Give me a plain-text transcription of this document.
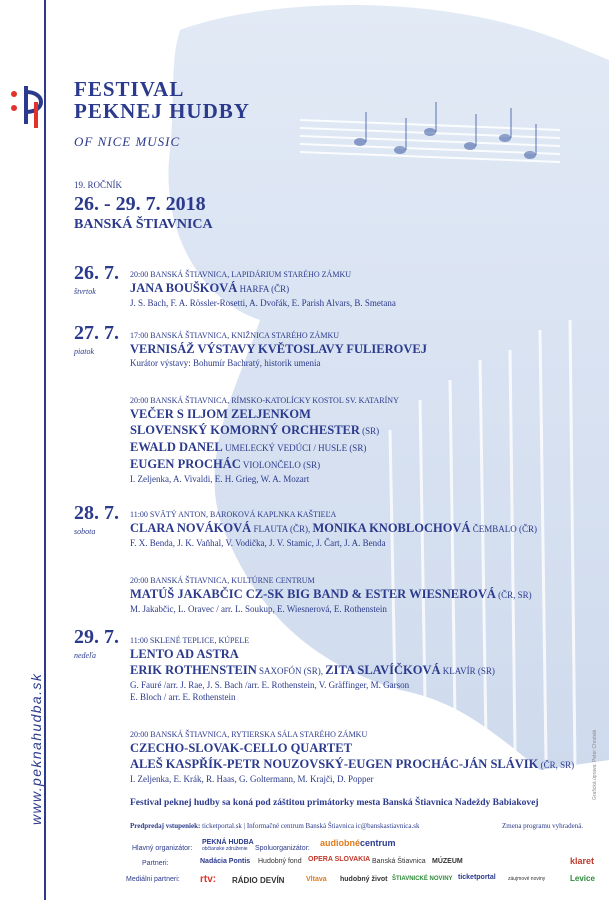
www.peknahudba.sk
FESTIVAL
PEKNEJ HUDBY
OF NICE MUSIC
19. ROČNÍK
26. - 29. 7. 2018
BANSKÁ ŠTIAVNICA
26. 7.
štvrtok
27. 7.
piatok
28. 7.
sobota
29. 7.
nedeľa
20:00 BANSKÁ ŠTIAVNICA, LAPIDÁRIUM STARÉHO ZÁMKU
JANA BOUŠKOVÁ HARFA (ČR)
J. S. Bach, F. A. Rössler-Rosetti, A. Dvořák, E. Parish Alvars, B. Smetana
17:00 BANSKÁ ŠTIAVNICA, KNIŽNICA STARÉHO ZÁMKU
VERNISÁŽ VÝSTAVY KVĚTOSLAVY FULIEROVEJ
Kurátor výstavy: Bohumír Bachratý, historik umenia
20:00 BANSKÁ ŠTIAVNICA, RÍMSKO-KATOLÍCKY KOSTOL SV. KATARÍNY
VEČER S ILJOM ZELJENKOM
SLOVENSKÝ KOMORNÝ ORCHESTER (SR)
EWALD DANEL UMELECKÝ VEDÚCI / HUSLE (SR)
EUGEN PROCHÁC VIOLONČELO (SR)
I. Zeljenka, A. Vivaldi, E. H. Grieg, W. A. Mozart
11:00 SVÄTÝ ANTON, BAROKOVÁ KAPLNKA KAŠTIEĽA
CLARA NOVÁKOVÁ FLAUTA (ČR), MONIKA KNOBLOCHOVÁ ČEMBALO (ČR)
F. X. Benda, J. K. Vaňhal, V. Vodička, J. V. Stamic, J. Čart, J. A. Benda
20:00 BANSKÁ ŠTIAVNICA, KULTÚRNE CENTRUM
MATÚŠ JAKABČIC CZ-SK BIG BAND & ESTER WIESNEROVÁ (ČR, SR)
M. Jakabčic, L. Oravec / arr. L. Soukup, E. Wiesnerová, E. Rothenstein
11:00 SKLENÉ TEPLICE, KÚPELE
LENTO AD ASTRA
ERIK ROTHENSTEIN SAXOFÓN (SR), ZITA SLAVÍČKOVÁ KLAVÍR (SR)
G. Fauré /arr. J. Rae, J. S. Bach /arr. E. Rothenstein, V. Gräffinger, M. Garson
E. Bloch / arr. E. Rothenstein
20:00 BANSKÁ ŠTIAVNICA, RYTIERSKA SÁLA STARÉHO ZÁMKU
CZECHO-SLOVAK-CELLO QUARTET
ALEŠ KASPŘÍK-PETR NOUZOVSKÝ-EUGEN PROCHÁC-JÁN SLÁVIK (ČR, SR)
I. Zeljenka, E. Krák, R. Haas, G. Goltermann, M. Krajči, D. Popper
Festival peknej hudby sa koná pod záštitou primátorky mesta Banská Štiavnica Nadeždy Babiakovej
Predpredaj vstupeniek: ticketportal.sk | Informačné centrum Banská Štiavnica ic@banskastiavnica.sk	Zmena programu vyhradená.
Hlavný organizátor:
PEKNÁ HUDBA
občianske združenie	Spoluorganizátor:
audiobné centrum
Partneri:	Nadácia Pontis Hudobný fond OPERA SLOVAKIA Banská Štiavnica MÚZEUM	klaret
Mediálni partneri: rtv: RÁDIO DEVÍN	Vltava hudobný život ŠTIAVNICKÉ NOVINY ticketportal záujmové noviny	Levice
Grafická úprava: Peter Chrobák
